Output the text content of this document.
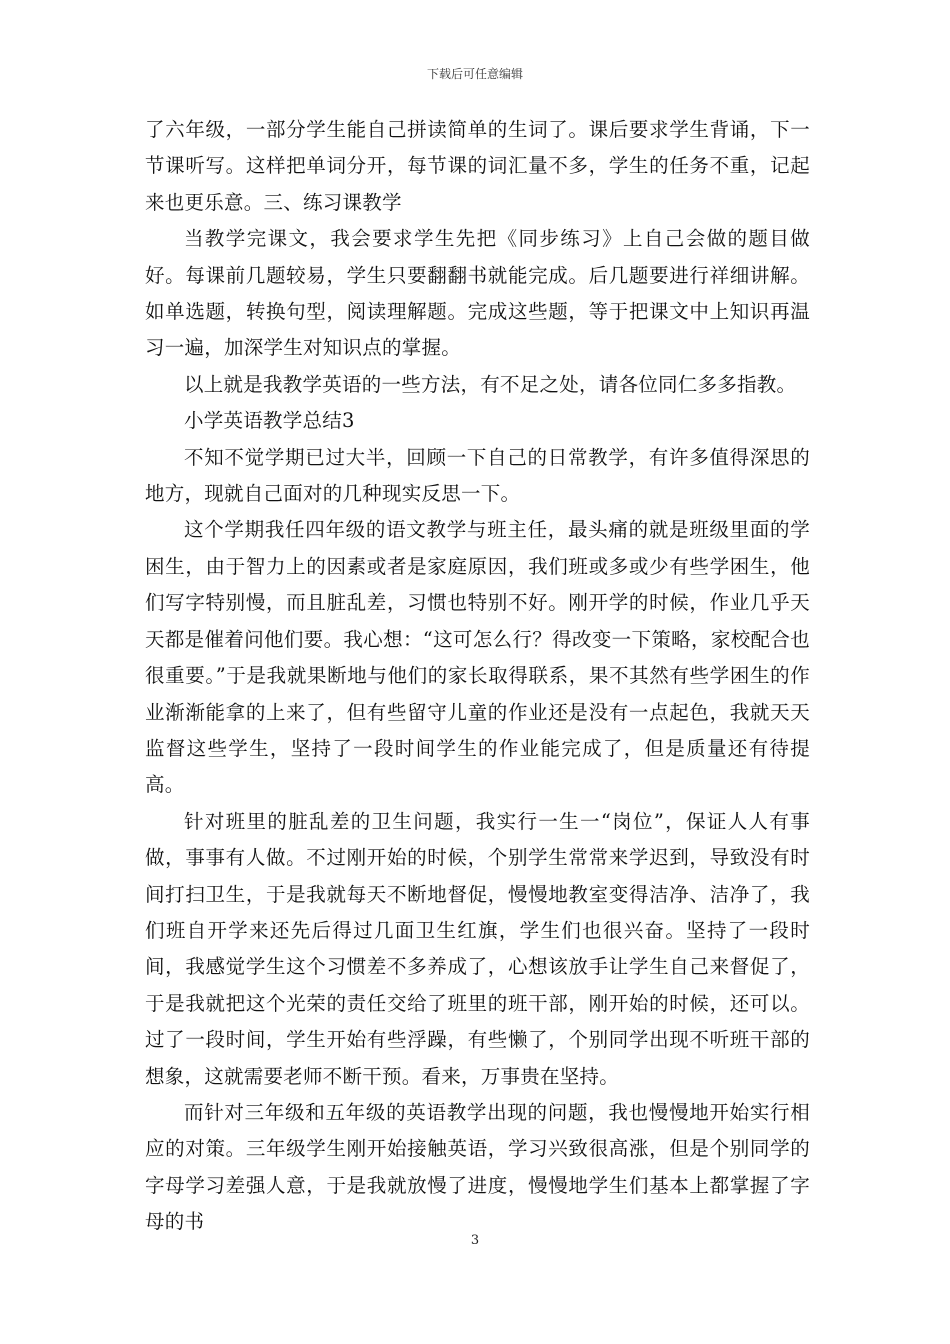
下载后可任意编辑

了六年级，一部分学生能自己拼读简单的生词了。课后要求学生背诵，下一节课听写。这样把单词分开，每节课的词汇量不多，学生的任务不重，记起来也更乐意。三、练习课教学

当教学完课文，我会要求学生先把《同步练习》上自己会做的题目做好。每课前几题较易，学生只要翻翻书就能完成。后几题要进行祥细讲解。如单选题，转换句型，阅读理解题。完成这些题，等于把课文中上知识再温习一遍，加深学生对知识点的掌握。

以上就是我教学英语的一些方法，有不足之处，请各位同仁多多指教。

小学英语教学总结3

不知不觉学期已过大半，回顾一下自己的日常教学，有许多值得深思的地方，现就自己面对的几种现实反思一下。

这个学期我任四年级的语文教学与班主任，最头痛的就是班级里面的学困生，由于智力上的因素或者是家庭原因，我们班或多或少有些学困生，他们写字特别慢，而且脏乱差，习惯也特别不好。刚开学的时候，作业几乎天天都是催着问他们要。我心想：“这可怎么行？得改变一下策略，家校配合也很重要。”于是我就果断地与他们的家长取得联系，果不其然有些学困生的作业渐渐能拿的上来了，但有些留守儿童的作业还是没有一点起色，我就天天监督这些学生，坚持了一段时间学生的作业能完成了，但是质量还有待提高。

针对班里的脏乱差的卫生问题，我实行一生一“岗位”，保证人人有事做，事事有人做。不过刚开始的时候，个别学生常常来学迟到，导致没有时间打扫卫生，于是我就每天不断地督促，慢慢地教室变得洁净、洁净了，我们班自开学来还先后得过几面卫生红旗，学生们也很兴奋。坚持了一段时间，我感觉学生这个习惯差不多养成了，心想该放手让学生自己来督促了，于是我就把这个光荣的责任交给了班里的班干部，刚开始的时候，还可以。过了一段时间，学生开始有些浮躁，有些懒了，个别同学出现不听班干部的想象，这就需要老师不断干预。看来，万事贵在坚持。

而针对三年级和五年级的英语教学出现的问题，我也慢慢地开始实行相应的对策。三年级学生刚开始接触英语，学习兴致很高涨，但是个别同学的字母学习差强人意，于是我就放慢了进度，慢慢地学生们基本上都掌握了字母的书

3
